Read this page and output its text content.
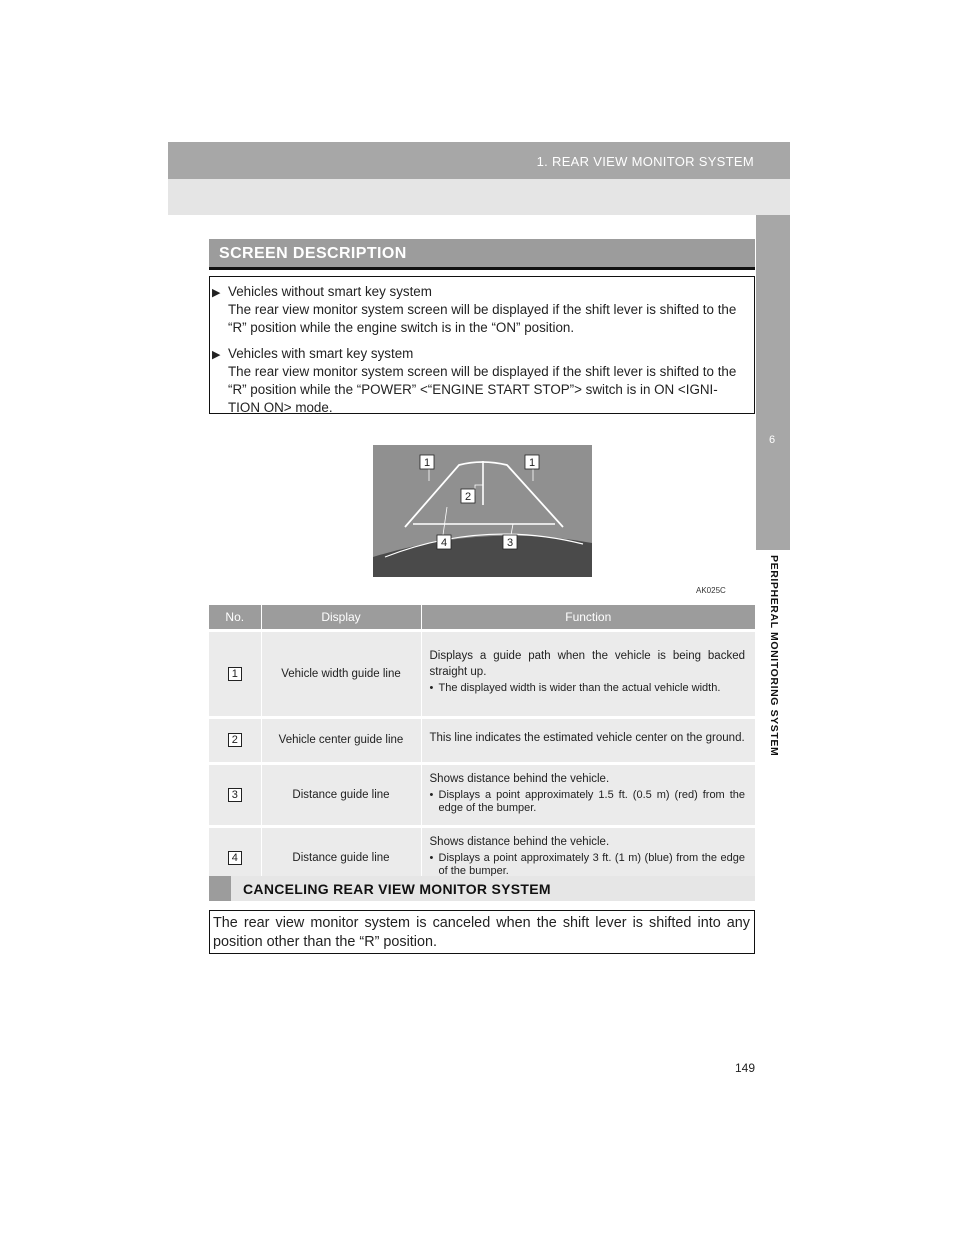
1. REAR VIEW MONITOR SYSTEM
6
PERIPHERAL MONITORING SYSTEM
SCREEN DESCRIPTION
▶ Vehicles without smart key system
The rear view monitor system screen will be displayed if the shift lever is shifted to the
“R” position while the engine switch is in the “ON” position.
▶ Vehicles with smart key system
The rear view monitor system screen will be displayed if the shift lever is shifted to the
“R” position while the “POWER” <“ENGINE START STOP”> switch is in ON <IGNI-
TION ON> mode.
1	1
2
4	3
AK025C
No.	Display	Function
1	Vehicle width guide line	Displays a guide path when the vehicle is being backed straight up.
• The displayed width is wider than the actual vehicle width.

2	Vehicle center guide line	This line indicates the estimated vehicle center on the ground.

3	Distance guide line	Shows distance behind the vehicle.
• Displays a point approximately 1.5 ft. (0.5 m) (red) from the edge of the bumper.

4	Distance guide line	Shows distance behind the vehicle.
• Displays a point approximately 3 ft. (1 m) (blue) from the edge of the bumper.
CANCELING REAR VIEW MONITOR SYSTEM
The rear view monitor system is canceled when the shift lever is shifted into any position other than the “R” position.
149
